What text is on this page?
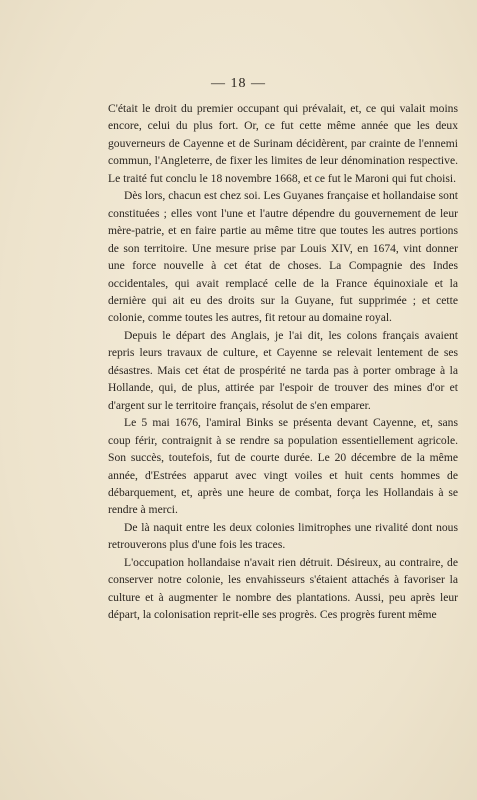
— 18 —

C'était le droit du premier occupant qui prévalait, et, ce qui valait moins encore, celui du plus fort. Or, ce fut cette même année que les deux gouverneurs de Cayenne et de Surinam décidèrent, par crainte de l'ennemi commun, l'Angleterre, de fixer les limites de leur dénomination respective. Le traité fut conclu le 18 novembre 1668, et ce fut le Maroni qui fut choisi.

Dès lors, chacun est chez soi. Les Guyanes française et hollandaise sont constituées ; elles vont l'une et l'autre dépendre du gouvernement de leur mère-patrie, et en faire partie au même titre que toutes les autres portions de son territoire. Une mesure prise par Louis XIV, en 1674, vint donner une force nouvelle à cet état de choses. La Compagnie des Indes occidentales, qui avait remplacé celle de la France équinoxiale et la dernière qui ait eu des droits sur la Guyane, fut supprimée ; et cette colonie, comme toutes les autres, fit retour au domaine royal.

Depuis le départ des Anglais, je l'ai dit, les colons français avaient repris leurs travaux de culture, et Cayenne se relevait lentement de ses désastres. Mais cet état de prospérité ne tarda pas à porter ombrage à la Hollande, qui, de plus, attirée par l'espoir de trouver des mines d'or et d'argent sur le territoire français, résolut de s'en emparer.

Le 5 mai 1676, l'amiral Binks se présenta devant Cayenne, et, sans coup férir, contraignit à se rendre sa population essentiellement agricole. Son succès, toutefois, fut de courte durée. Le 20 décembre de la même année, d'Estrées apparut avec vingt voiles et huit cents hommes de débarquement, et, après une heure de combat, força les Hollandais à se rendre à merci.

De là naquit entre les deux colonies limitrophes une rivalité dont nous retrouverons plus d'une fois les traces.

L'occupation hollandaise n'avait rien détruit. Désireux, au contraire, de conserver notre colonie, les envahisseurs s'étaient attachés à favoriser la culture et à augmenter le nombre des plantations. Aussi, peu après leur départ, la colonisation reprit-elle ses progrès. Ces progrès furent même
